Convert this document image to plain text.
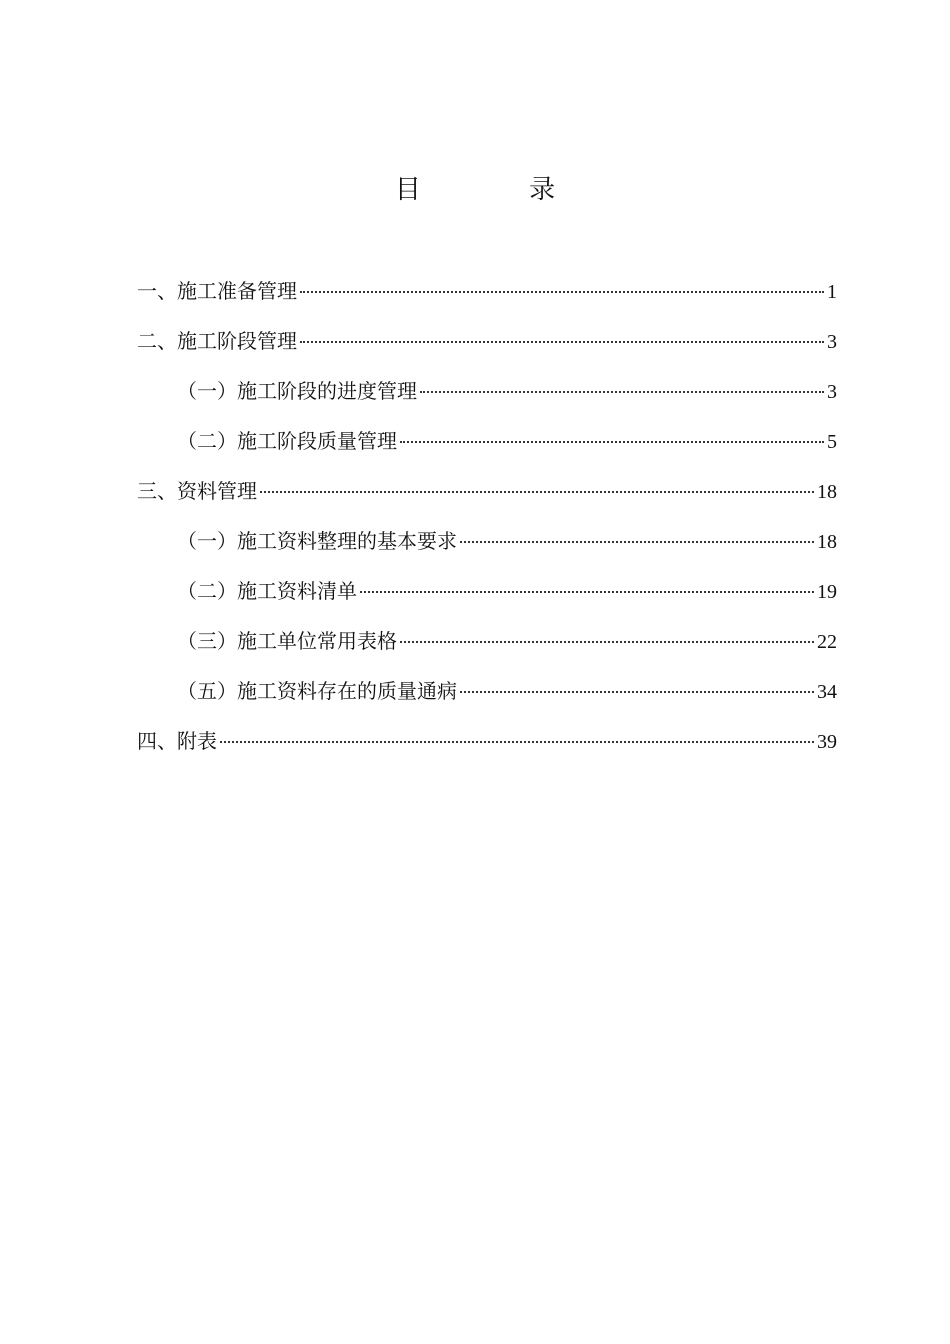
目 录
一、施工准备管理	1
二、施工阶段管理	3
（一）施工阶段的进度管理	3
（二）施工阶段质量管理	5
三、资料管理	18
（一）施工资料整理的基本要求	18
（二）施工资料清单	19
（三）施工单位常用表格	22
（五）施工资料存在的质量通病	34
四、附表	39
